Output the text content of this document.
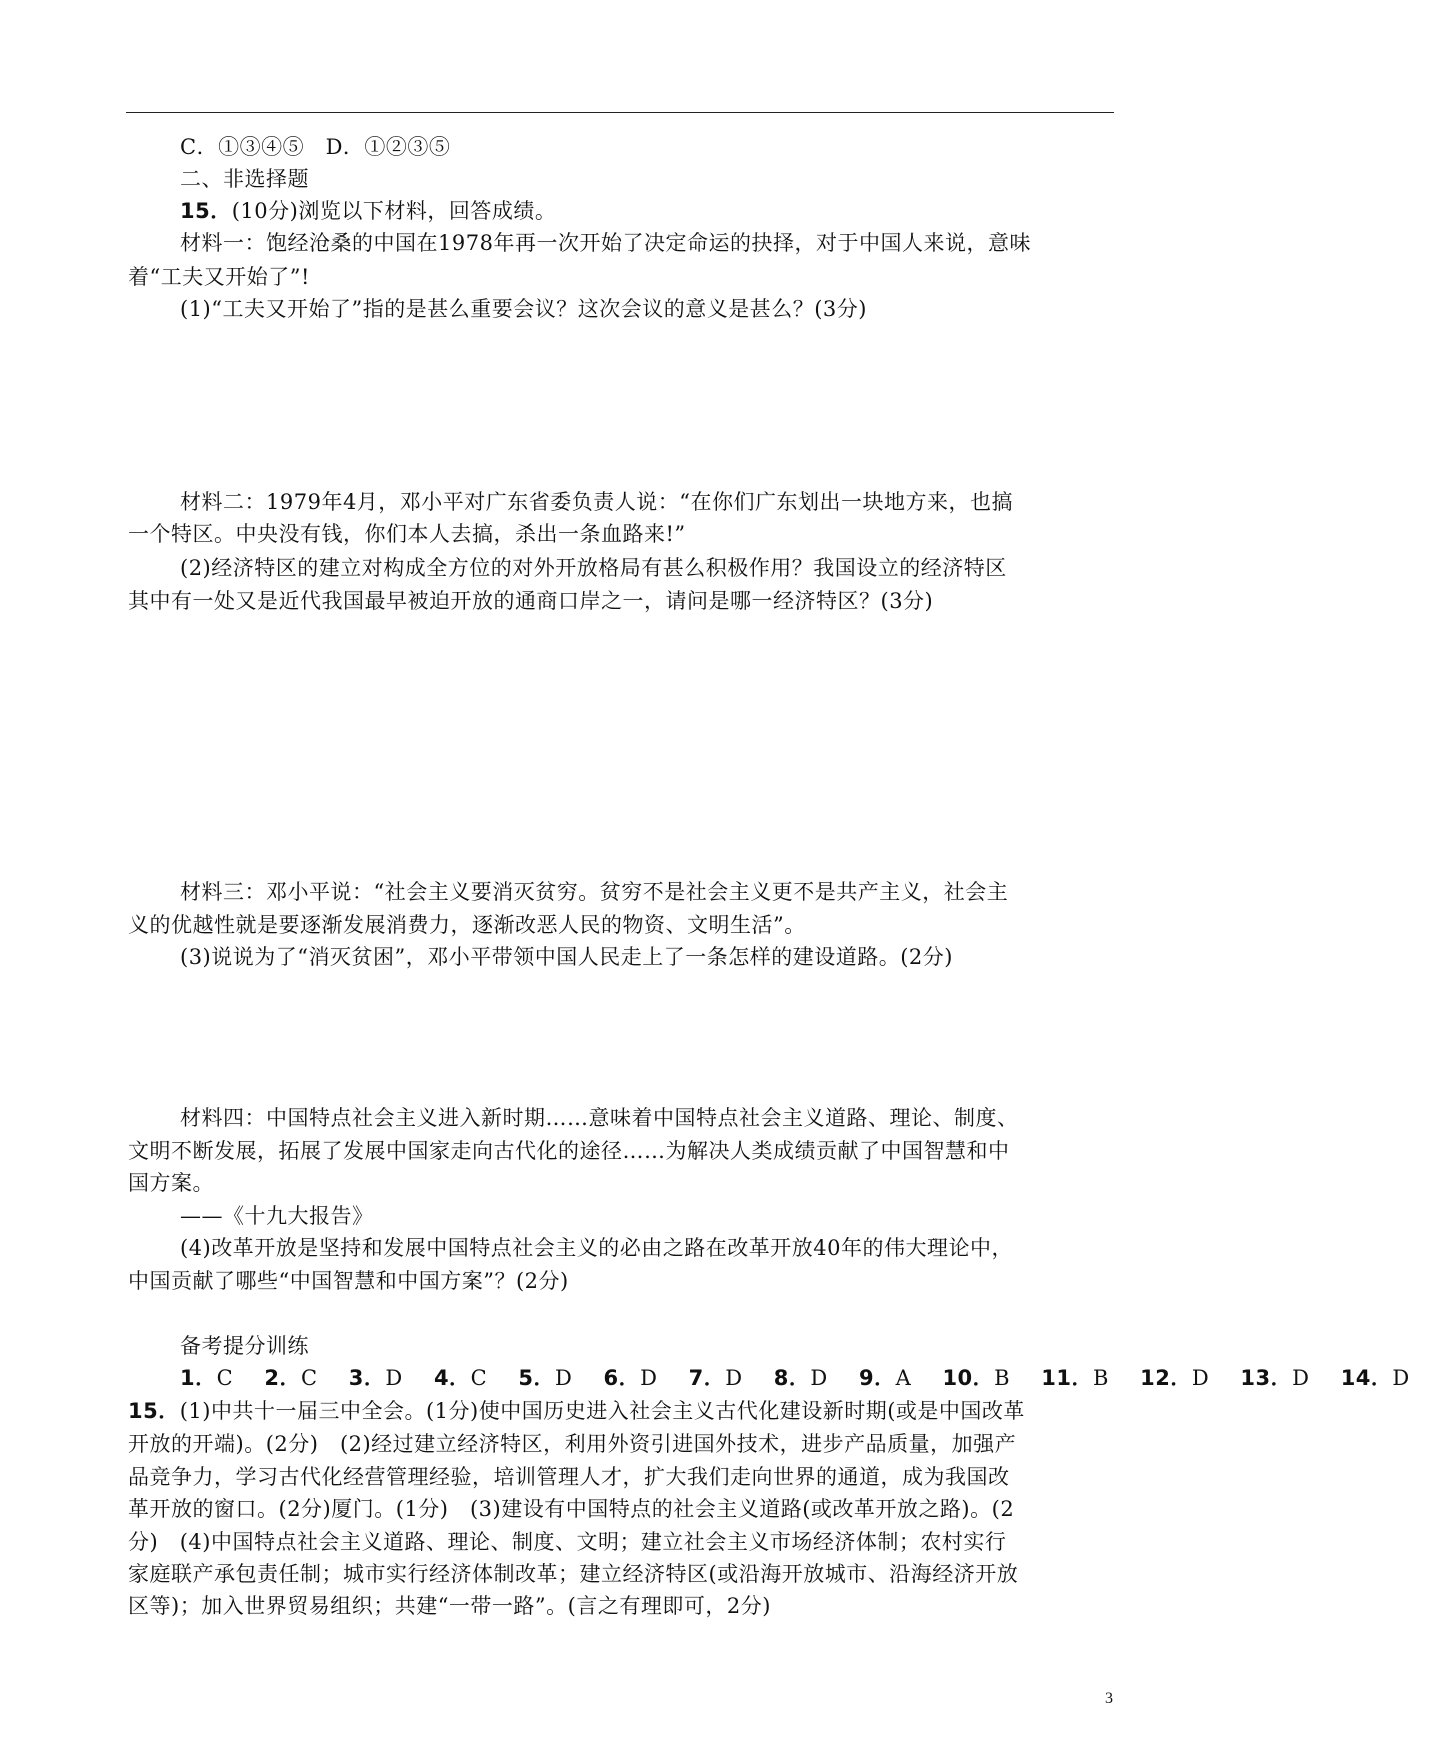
C．①③④⑤　D．①②③⑤
二、非选择题
15．(10分)浏览以下材料，回答成绩。
材料一：饱经沧桑的中国在1978年再一次开始了决定命运的抉择，对于中国人来说，意味
着“工夫又开始了”!
(1)“工夫又开始了”指的是甚么重要会议？这次会议的意义是甚么？(3分)
材料二：1979年4月，邓小平对广东省委负责人说：“在你们广东划出一块地方来，也搞
一个特区。中央没有钱，你们本人去搞，杀出一条血路来!”
(2)经济特区的建立对构成全方位的对外开放格局有甚么积极作用？我国设立的经济特区
其中有一处又是近代我国最早被迫开放的通商口岸之一，请问是哪一经济特区？(3分)
材料三：邓小平说：“社会主义要消灭贫穷。贫穷不是社会主义更不是共产主义，社会主
义的优越性就是要逐渐发展消费力，逐渐改恶人民的物资、文明生活”。
(3)说说为了“消灭贫困”，邓小平带领中国人民走上了一条怎样的建设道路。(2分)
材料四：中国特点社会主义进入新时期……意味着中国特点社会主义道路、理论、制度、
文明不断发展，拓展了发展中国家走向古代化的途径……为解决人类成绩贡献了中国智慧和中
国方案。
——《十九大报告》
(4)改革开放是坚持和发展中国特点社会主义的必由之路在改革开放40年的伟大理论中，
中国贡献了哪些“中国智慧和中国方案”？(2分)
备考提分训练
1．C 2．C 3．D 4．C 5．D 6．D 7．D 8．D 9．A 10．B 11．B 12．D 13．D 14．D
15．(1)中共十一届三中全会。(1分)使中国历史进入社会主义古代化建设新时期(或是中国改革
开放的开端)。(2分)　(2)经过建立经济特区，利用外资引进国外技术，进步产品质量，加强产
品竞争力，学习古代化经营管理经验，培训管理人才，扩大我们走向世界的通道，成为我国改
革开放的窗口。(2分)厦门。(1分)　(3)建设有中国特点的社会主义道路(或改革开放之路)。(2
分)　(4)中国特点社会主义道路、理论、制度、文明；建立社会主义市场经济体制；农村实行
家庭联产承包责任制；城市实行经济体制改革；建立经济特区(或沿海开放城市、沿海经济开放
区等)；加入世界贸易组织；共建“一带一路”。(言之有理即可，2分)
3
